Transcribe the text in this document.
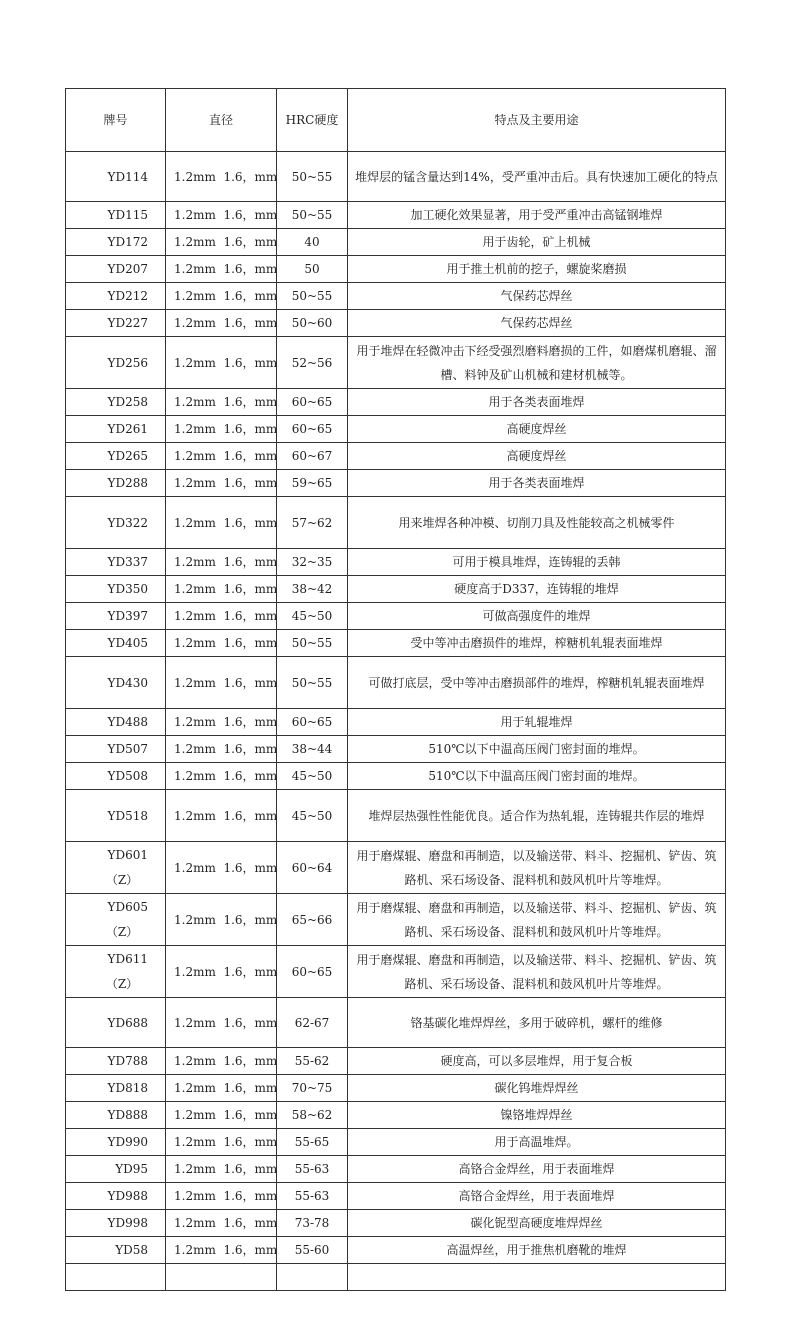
牌号	直径	HRC硬度	特点及主要用途

YD114	1.2mm  1.6，mm	50~55	堆焊层的锰含量达到14%，受严重冲击后。具有快速加工硬化的特点

YD115	1.2mm  1.6，mm	50~55	加工硬化效果显著，用于受严重冲击高锰钢堆焊

YD172	1.2mm  1.6，mm	40	用于齿轮，矿上机械

YD207	1.2mm  1.6，mm	50	用于推土机前的挖子，螺旋桨磨损

YD212	1.2mm  1.6，mm	50~55	气保药芯焊丝

YD227	1.2mm  1.6，mm	50~60	气保药芯焊丝

YD256	1.2mm  1.6，mm	52~56	用于堆焊在轻微冲击下经受强烈磨料磨损的工件，如磨煤机磨辊、溜槽、料钟及矿山机械和建材机械等。

YD258	1.2mm  1.6，mm	60~65	用于各类表面堆焊

YD261	1.2mm  1.6，mm	60~65	高硬度焊丝

YD265	1.2mm  1.6，mm	60~67	高硬度焊丝

YD288	1.2mm  1.6，mm	59~65	用于各类表面堆焊

YD322	1.2mm  1.6，mm	57~62	用来堆焊各种冲模、切削刀具及性能较高之机械零件

YD337	1.2mm  1.6，mm	32~35	可用于模具堆焊，连铸辊的丢韩

YD350	1.2mm  1.6，mm	38~42	硬度高于D337，连铸辊的堆焊

YD397	1.2mm  1.6，mm	45~50	可做高强度件的堆焊

YD405	1.2mm  1.6，mm	50~55	受中等冲击磨损件的堆焊，榨糖机轧辊表面堆焊

YD430	1.2mm  1.6，mm	50~55	可做打底层，受中等冲击磨损部件的堆焊，榨糖机轧辊表面堆焊

YD488	1.2mm  1.6，mm	60~65	用于轧辊堆焊

YD507	1.2mm  1.6，mm	38~44	510℃以下中温高压阀门密封面的堆焊。

YD508	1.2mm  1.6，mm	45~50	510℃以下中温高压阀门密封面的堆焊。

YD518	1.2mm  1.6，mm	45~50	堆焊层热强性性能优良。适合作为热轧辊，连铸辊共作层的堆焊

YD601
（Z）	1.2mm  1.6，mm	60~64	用于磨煤辊、磨盘和再制造，以及输送带、料斗、挖掘机、铲齿、筑路机、采石场设备、混料机和鼓风机叶片等堆焊。

YD605
（Z）	1.2mm  1.6，mm	65~66	用于磨煤辊、磨盘和再制造，以及输送带、料斗、挖掘机、铲齿、筑路机、采石场设备、混料机和鼓风机叶片等堆焊。

YD611
（Z）	1.2mm  1.6，mm	60~65	用于磨煤辊、磨盘和再制造，以及输送带、料斗、挖掘机、铲齿、筑路机、采石场设备、混料机和鼓风机叶片等堆焊。

YD688	1.2mm  1.6，mm	62-67	铬基碳化堆焊焊丝，多用于破碎机，螺杆的维修

YD788	1.2mm  1.6，mm	55-62	硬度高，可以多层堆焊，用于复合板

YD818	1.2mm  1.6，mm	70~75	碳化钨堆焊焊丝

YD888	1.2mm  1.6，mm	58~62	镍铬堆焊焊丝

YD990	1.2mm  1.6，mm	55-65	用于高温堆焊。

YD95	1.2mm  1.6，mm	55-63	高铬合金焊丝，用于表面堆焊

YD988	1.2mm  1.6，mm	55-63	高铬合金焊丝，用于表面堆焊

YD998	1.2mm  1.6，mm	73-78	碳化铌型高硬度堆焊焊丝

YD58	1.2mm  1.6，mm	55-60	高温焊丝，用于推焦机磨靴的堆焊
